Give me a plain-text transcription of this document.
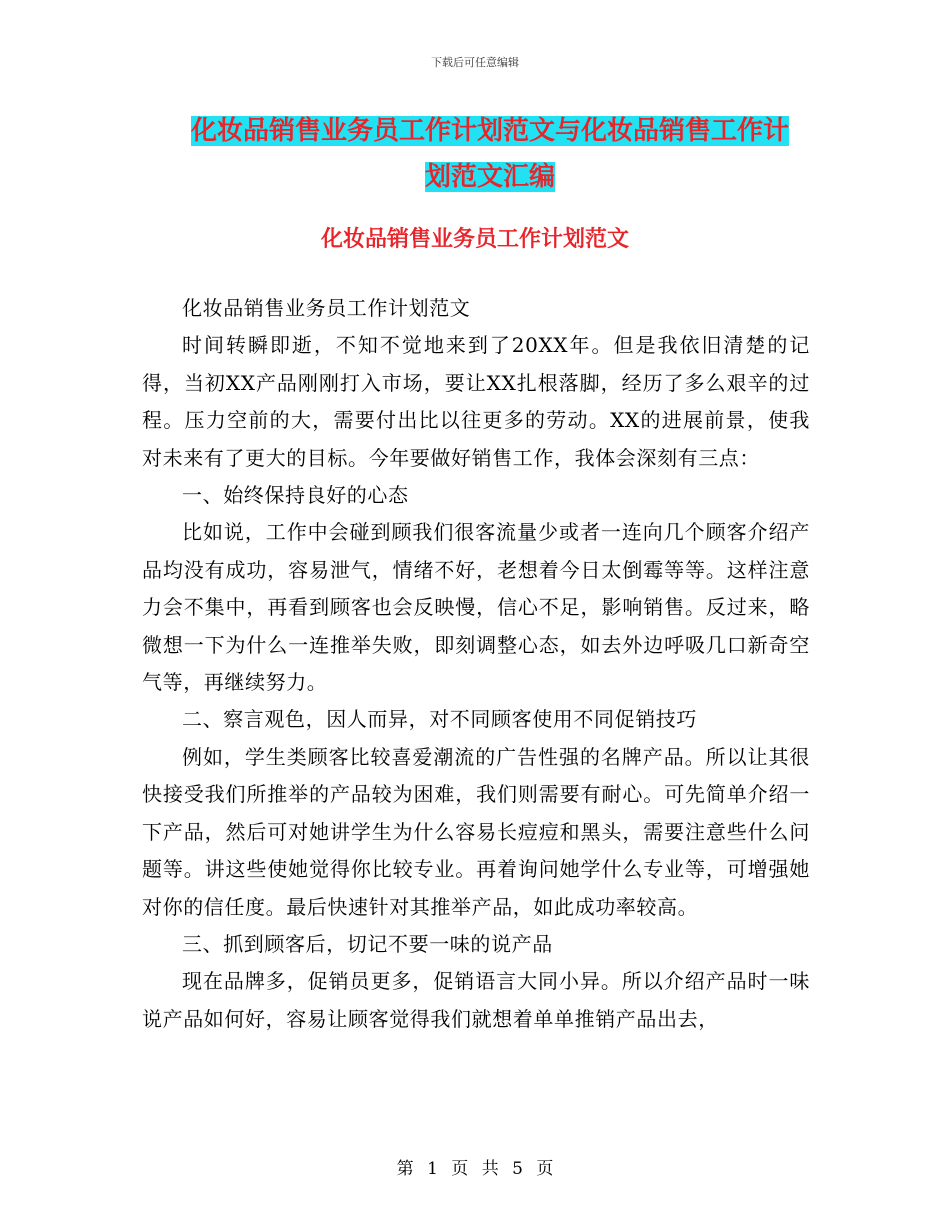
下载后可任意编辑
化妆品销售业务员工作计划范文与化妆品销售工作计
划范文汇编
化妆品销售业务员工作计划范文

化妆品销售业务员工作计划范文

时间转瞬即逝，不知不觉地来到了20XX年。但是我依旧清楚的记得，当初XX产品刚刚打入市场，要让XX扎根落脚，经历了多么艰辛的过程。压力空前的大，需要付出比以往更多的劳动。XX的进展前景，使我对未来有了更大的目标。今年要做好销售工作，我体会深刻有三点：

一、始终保持良好的心态

比如说，工作中会碰到顾我们很客流量少或者一连向几个顾客介绍产品均没有成功，容易泄气，情绪不好，老想着今日太倒霉等等。这样注意力会不集中，再看到顾客也会反映慢，信心不足，影响销售。反过来，略微想一下为什么一连推举失败，即刻调整心态，如去外边呼吸几口新奇空气等，再继续努力。

二、察言观色，因人而异，对不同顾客使用不同促销技巧

例如，学生类顾客比较喜爱潮流的广告性强的名牌产品。所以让其很快接受我们所推举的产品较为困难，我们则需要有耐心。可先简单介绍一下产品，然后可对她讲学生为什么容易长痘痘和黑头，需要注意些什么问题等。讲这些使她觉得你比较专业。再着询问她学什么专业等，可增强她对你的信任度。最后快速针对其推举产品，如此成功率较高。

三、抓到顾客后，切记不要一味的说产品

现在品牌多，促销员更多，促销语言大同小异。所以介绍产品时一味说产品如何好，容易让顾客觉得我们就想着单单推销产品出去，

第 1 页 共 5 页
